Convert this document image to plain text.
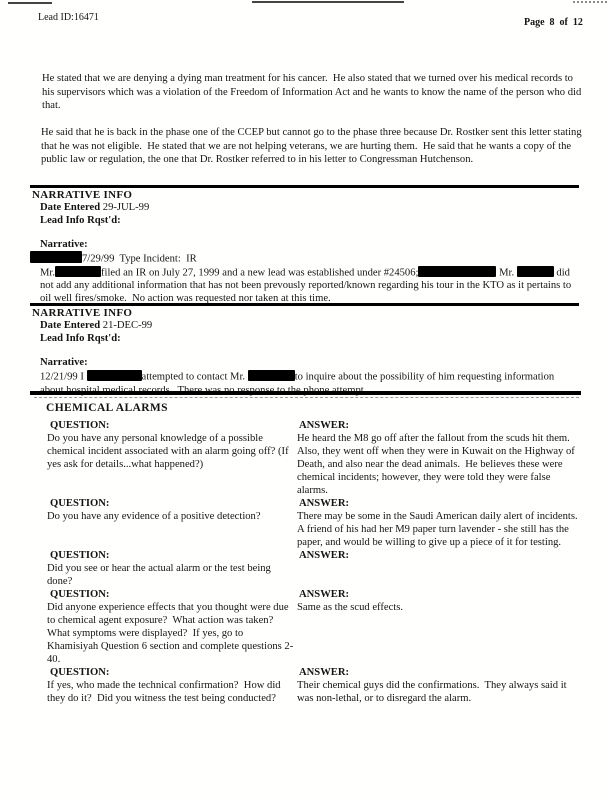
Lead ID:16471	Page  8  of  12

He stated that we are denying a dying man treatment for his cancer.  He also stated that we turned over his medical records to his supervisors which was a violation of the Freedom of Information Act and he wants to know the name of the person who did that.

He said that he is back in the phase one of the CCEP but cannot go to the phase three because Dr. Rostker sent this letter stating that he was not eligible.  He stated that we are not helping veterans, we are hurting them.  He said that he wants a copy of the public law or regulation, the one that Dr. Rostker referred to in his letter to Congressman Hutchenson.

NARRATIVE INFO
Date Entered 29-JUL-99
Lead Info Rqst'd:
Narrative:
7/29/99  Type Incident:  IR

Mr.	filed an IR on July 27, 1999 and a new lead was established under #24506;	Mr.	did not add any additional information that has not been prevously reported/known regarding his tour in the KTO as it pertains to oil well fires/smoke.  No action was requested nor taken at this time.

NARRATIVE INFO
Date Entered 21-DEC-99
Lead Info Rqst'd:
Narrative:

12/21/99 I	attempted to contact Mr.	to inquire about the possibility of him requesting information about hospital medical records.  There was no response to the phone attempt.

CHEMICAL ALARMS
QUESTION:
Do you have any personal knowledge of a possible chemical incident associated with an alarm going off? (If yes ask for details...what happened?)
ANSWER:
He heard the M8 go off after the fallout from the scuds hit them.  Also, they went off when they were in Kuwait on the Highway of Death, and also near the dead animals.  He believes these were chemical incidents; however, they were told they were false alarms.
QUESTION:
Do you have any evidence of a positive detection?
ANSWER:
There may be some in the Saudi American daily alert of incidents.  A friend of his had her M9 paper turn lavender - she still has the paper, and would be willing to give up a piece of it for testing.
QUESTION:
Did you see or hear the actual alarm or the test being done?
ANSWER:
QUESTION:
Did anyone experience effects that you thought were due to chemical agent exposure?  What action was taken?  What symptoms were displayed?  If yes, go to Khamisiyah Question 6 section and complete questions 2-40.
ANSWER:
Same as the scud effects.
QUESTION:
If yes, who made the technical confirmation?  How did they do it?  Did you witness the test being conducted?
ANSWER:
Their chemical guys did the confirmations.  They always said it was non-lethal, or to disregard the alarm.
